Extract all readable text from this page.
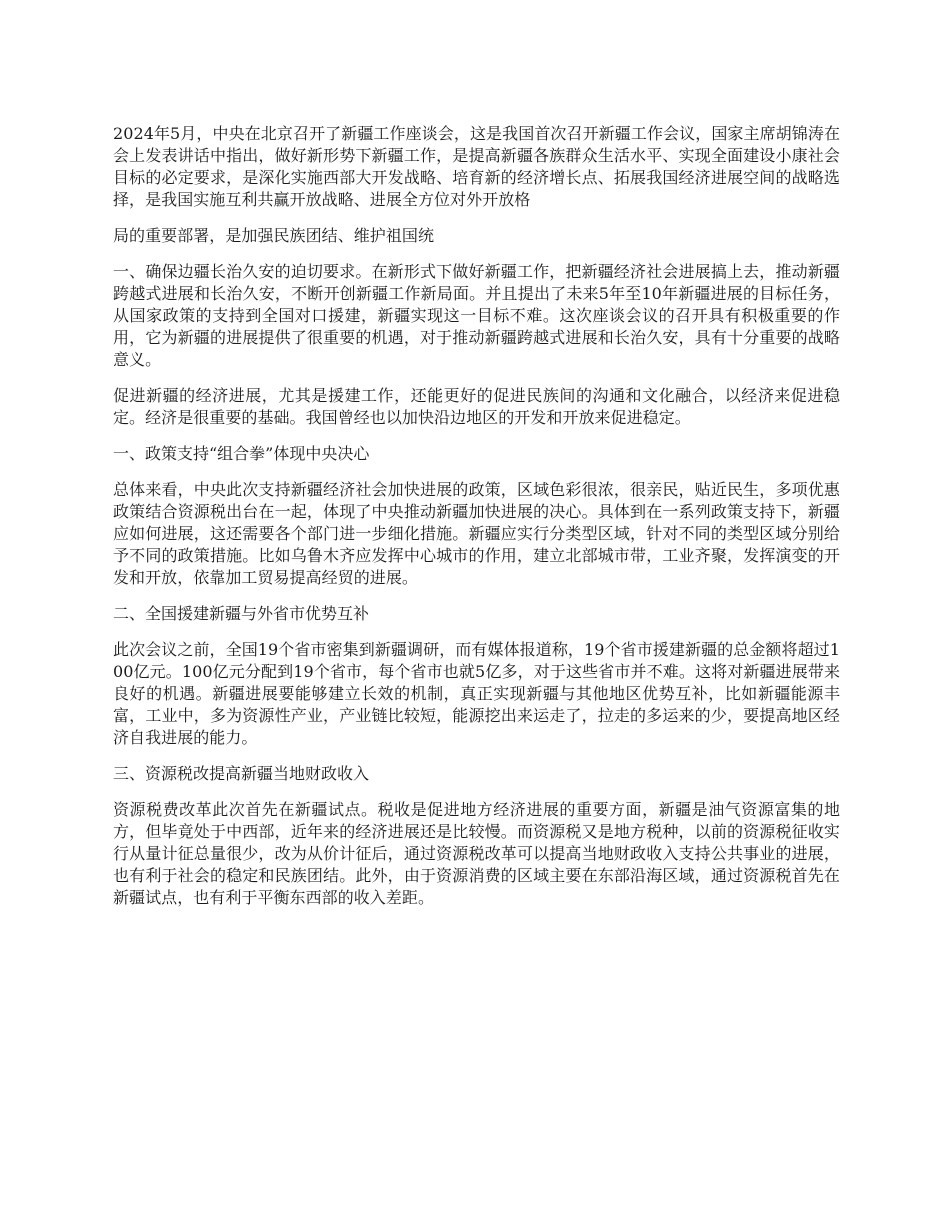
2024年5月，中央在北京召开了新疆工作座谈会，这是我国首次召开新疆工作会议，国家主席胡锦涛在会上发表讲话中指出，做好新形势下新疆工作，是提高新疆各族群众生活水平、实现全面建设小康社会目标的必定要求，是深化实施西部大开发战略、培育新的经济增长点、拓展我国经济进展空间的战略选择，是我国实施互利共赢开放战略、进展全方位对外开放格

局的重要部署，是加强民族团结、维护祖国统

一、确保边疆长治久安的迫切要求。在新形式下做好新疆工作，把新疆经济社会进展搞上去，推动新疆跨越式进展和长治久安，不断开创新疆工作新局面。并且提出了未来5年至10年新疆进展的目标任务，从国家政策的支持到全国对口援建，新疆实现这一目标不难。这次座谈会议的召开具有积极重要的作用，它为新疆的进展提供了很重要的机遇，对于推动新疆跨越式进展和长治久安，具有十分重要的战略意义。

促进新疆的经济进展，尤其是援建工作，还能更好的促进民族间的沟通和文化融合，以经济来促进稳定。经济是很重要的基础。我国曾经也以加快沿边地区的开发和开放来促进稳定。

一、政策支持“组合拳”体现中央决心

总体来看，中央此次支持新疆经济社会加快进展的政策，区域色彩很浓，很亲民，贴近民生，多项优惠政策结合资源税出台在一起，体现了中央推动新疆加快进展的决心。具体到在一系列政策支持下，新疆应如何进展，这还需要各个部门进一步细化措施。新疆应实行分类型区域，针对不同的类型区域分别给予不同的政策措施。比如乌鲁木齐应发挥中心城市的作用，建立北部城市带，工业齐聚，发挥演变的开发和开放，依靠加工贸易提高经贸的进展。

二、全国援建新疆与外省市优势互补

此次会议之前，全国19个省市密集到新疆调研，而有媒体报道称，19个省市援建新疆的总金额将超过100亿元。100亿元分配到19个省市，每个省市也就5亿多，对于这些省市并不难。这将对新疆进展带来良好的机遇。新疆进展要能够建立长效的机制，真正实现新疆与其他地区优势互补，比如新疆能源丰富，工业中，多为资源性产业，产业链比较短，能源挖出来运走了，拉走的多运来的少，要提高地区经济自我进展的能力。

三、资源税改提高新疆当地财政收入

资源税费改革此次首先在新疆试点。税收是促进地方经济进展的重要方面，新疆是油气资源富集的地方，但毕竟处于中西部，近年来的经济进展还是比较慢。而资源税又是地方税种，以前的资源税征收实行从量计征总量很少，改为从价计征后，通过资源税改革可以提高当地财政收入支持公共事业的进展，也有利于社会的稳定和民族团结。此外，由于资源消费的区域主要在东部沿海区域，通过资源税首先在新疆试点，也有利于平衡东西部的收入差距。
